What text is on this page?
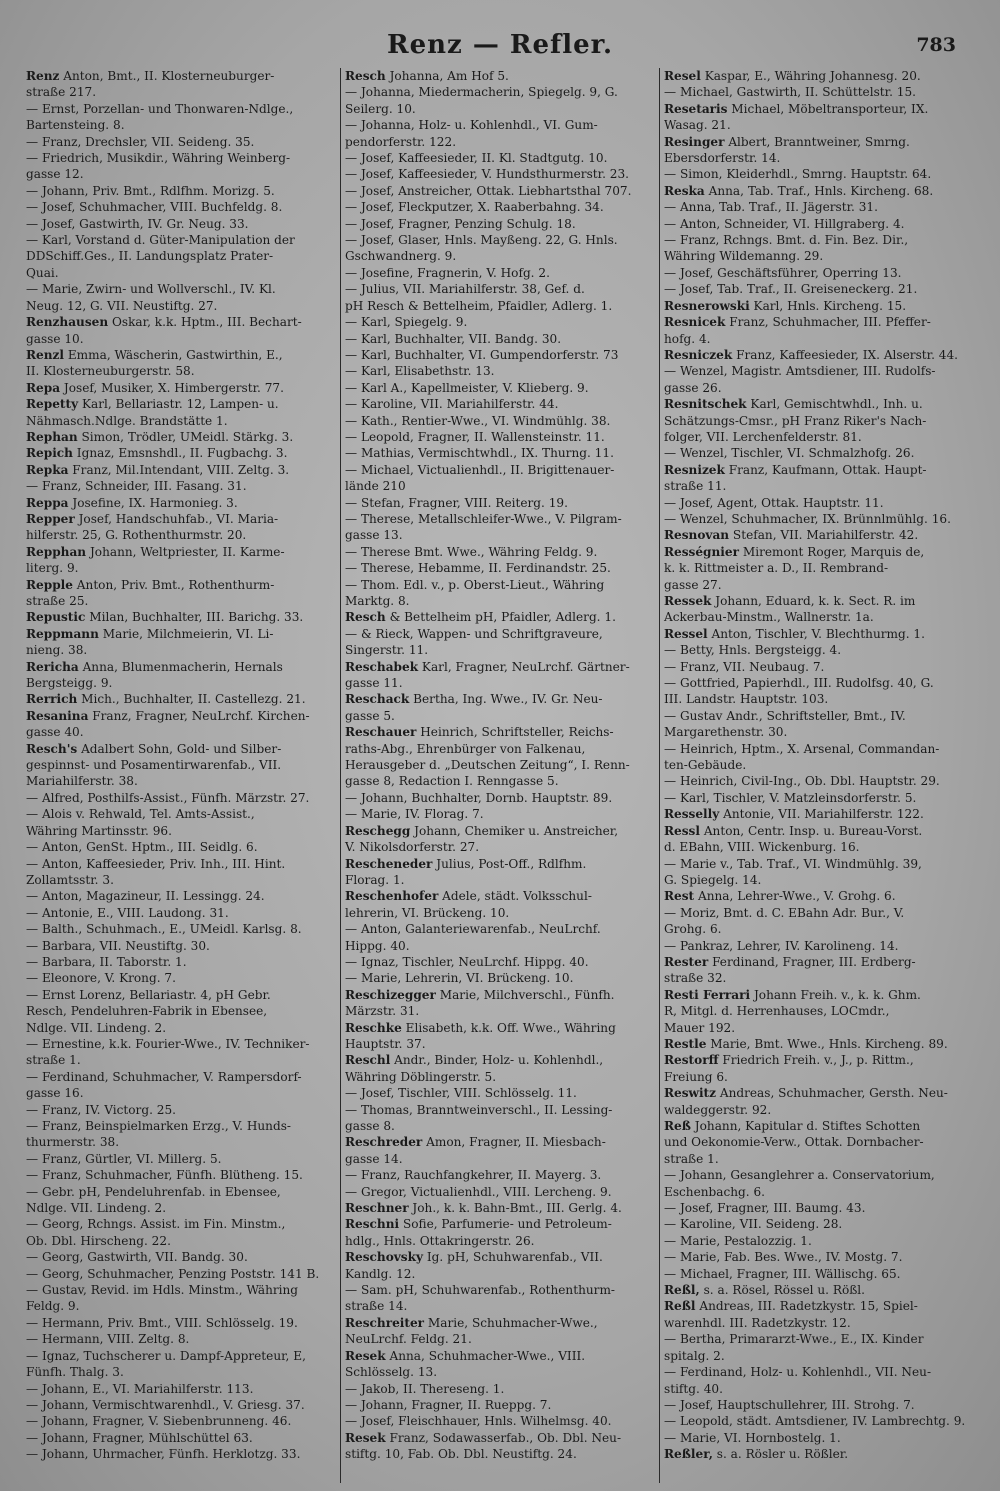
Renz — Refler.	783
Renz Anton, Bmt., II. Klosterneuburger-
straße 217.
— Ernst, Porzellan- und Thonwaren-Ndlge.,
Bartensteing. 8.
— Franz, Drechsler, VII. Seideng. 35.
— Friedrich, Musikdir., Währing Weinberg-
gasse 12.
— Johann, Priv. Bmt., Rdlfhm. Morizg. 5.
— Josef, Schuhmacher, VIII. Buchfeldg. 8.
— Josef, Gastwirth, IV. Gr. Neug. 33.
— Karl, Vorstand d. Güter-Manipulation der
DDSchiff.Ges., II. Landungsplatz Prater-
Quai.
— Marie, Zwirn- und Wollverschl., IV. Kl.
Neug. 12, G. VII. Neustiftg. 27.
Renzhausen Oskar, k.k. Hptm., III. Bechart-
gasse 10.
Renzl Emma, Wäscherin, Gastwirthin, E.,
II. Klosterneuburgerstr. 58.
Repa Josef, Musiker, X. Himbergerstr. 77.
Repetty Karl, Bellariastr. 12, Lampen- u.
Nähmasch.Ndlge. Brandstätte 1.
Rephan Simon, Trödler, UMeidl. Stärkg. 3.
Repich Ignaz, Emsnshdl., II. Fugbachg. 3.
Repka Franz, Mil.Intendant, VIII. Zeltg. 3.
— Franz, Schneider, III. Fasang. 31.
Reppa Josefine, IX. Harmonieg. 3.
Repper Josef, Handschuhfab., VI. Maria-
hilferstr. 25, G. Rothenthurmstr. 20.
Repphan Johann, Weltpriester, II. Karme-
literg. 9.
Repple Anton, Priv. Bmt., Rothenthurm-
straße 25.
Repustic Milan, Buchhalter, III. Barichg. 33.
Reppmann Marie, Milchmeierin, VI. Li-
nieng. 38.
Rericha Anna, Blumenmacherin, Hernals
Bergsteigg. 9.
Rerrich Mich., Buchhalter, II. Castellezg. 21.
Resanina Franz, Fragner, NeuLrchf. Kirchen-
gasse 40.
Resch's Adalbert Sohn, Gold- und Silber-
gespinnst- und Posamentirwarenfab., VII.
Mariahilferstr. 38.
— Alfred, Posthilfs-Assist., Fünfh. Märzstr. 27.
— Alois v. Rehwald, Tel. Amts-Assist.,
Währing Martinsstr. 96.
— Anton, GenSt. Hptm., III. Seidlg. 6.
— Anton, Kaffeesieder, Priv. Inh., III. Hint.
Zollamtsstr. 3.
— Anton, Magazineur, II. Lessingg. 24.
— Antonie, E., VIII. Laudong. 31.
— Balth., Schuhmach., E., UMeidl. Karlsg. 8.
— Barbara, VII. Neustiftg. 30.
— Barbara, II. Taborstr. 1.
— Eleonore, V. Krong. 7.
— Ernst Lorenz, Bellariastr. 4, pH Gebr.
Resch, Pendeluhren-Fabrik in Ebensee,
Ndlge. VII. Lindeng. 2.
— Ernestine, k.k. Fourier-Wwe., IV. Techniker-
straße 1.
— Ferdinand, Schuhmacher, V. Rampersdorf-
gasse 16.
— Franz, IV. Victorg. 25.
— Franz, Beinspielmarken Erzg., V. Hunds-
thurmerstr. 38.
— Franz, Gürtler, VI. Millerg. 5.
— Franz, Schuhmacher, Fünfh. Blütheng. 15.
— Gebr. pH, Pendeluhrenfab. in Ebensee,
Ndlge. VII. Lindeng. 2.
— Georg, Rchngs. Assist. im Fin. Minstm.,
Ob. Dbl. Hirscheng. 22.
— Georg, Gastwirth, VII. Bandg. 30.
— Georg, Schuhmacher, Penzing Poststr. 141 B.
— Gustav, Revid. im Hdls. Minstm., Währing
Feldg. 9.
— Hermann, Priv. Bmt., VIII. Schlösselg. 19.
— Hermann, VIII. Zeltg. 8.
— Ignaz, Tuchscherer u. Dampf-Appreteur, E,
Fünfh. Thalg. 3.
— Johann, E., VI. Mariahilferstr. 113.
— Johann, Vermischtwarenhdl., V. Griesg. 37.
— Johann, Fragner, V. Siebenbrunneng. 46.
— Johann, Fragner, Mühlschüttel 63.
— Johann, Uhrmacher, Fünfh. Herklotzg. 33.
Resch Johanna, Am Hof 5.
— Johanna, Miedermacherin, Spiegelg. 9, G.
Seilerg. 10.
— Johanna, Holz- u. Kohlenhdl., VI. Gum-
pendorferstr. 122.
— Josef, Kaffeesieder, II. Kl. Stadtgutg. 10.
— Josef, Kaffeesieder, V. Hundsthurmerstr. 23.
— Josef, Anstreicher, Ottak. Liebhartsthal 707.
— Josef, Fleckputzer, X. Raaberbahng. 34.
— Josef, Fragner, Penzing Schulg. 18.
— Josef, Glaser, Hnls. Mayßeng. 22, G. Hnls.
Gschwandnerg. 9.
— Josefine, Fragnerin, V. Hofg. 2.
— Julius, VII. Mariahilferstr. 38, Gef. d.
pH Resch & Bettelheim, Pfaidler, Adlerg. 1.
— Karl, Spiegelg. 9.
— Karl, Buchhalter, VII. Bandg. 30.
— Karl, Buchhalter, VI. Gumpendorferstr. 73
— Karl, Elisabethstr. 13.
— Karl A., Kapellmeister, V. Klieberg. 9.
— Karoline, VII. Mariahilferstr. 44.
— Kath., Rentier-Wwe., VI. Windmühlg. 38.
— Leopold, Fragner, II. Wallensteinstr. 11.
— Mathias, Vermischtwhdl., IX. Thurng. 11.
— Michael, Victualienhdl., II. Brigittenauer-
lände 210
— Stefan, Fragner, VIII. Reiterg. 19.
— Therese, Metallschleifer-Wwe., V. Pilgram-
gasse 13.
— Therese Bmt. Wwe., Währing Feldg. 9.
— Therese, Hebamme, II. Ferdinandstr. 25.
— Thom. Edl. v., p. Oberst-Lieut., Währing
Marktg. 8.
Resch & Bettelheim pH, Pfaidler, Adlerg. 1.
— & Rieck, Wappen- und Schriftgraveure,
Singerstr. 11.
Reschabek Karl, Fragner, NeuLrchf. Gärtner-
gasse 11.
Reschack Bertha, Ing. Wwe., IV. Gr. Neu-
gasse 5.
Reschauer Heinrich, Schriftsteller, Reichs-
raths-Abg., Ehrenbürger von Falkenau,
Herausgeber d. „Deutschen Zeitung“, I. Renn-
gasse 8, Redaction I. Renngasse 5.
— Johann, Buchhalter, Dornb. Hauptstr. 89.
— Marie, IV. Florag. 7.
Reschegg Johann, Chemiker u. Anstreicher,
V. Nikolsdorferstr. 27.
Rescheneder Julius, Post-Off., Rdlfhm.
Florag. 1.
Reschenhofer Adele, städt. Volksschul-
lehrerin, VI. Brückeng. 10.
— Anton, Galanteriewarenfab., NeuLrchf.
Hippg. 40.
— Ignaz, Tischler, NeuLrchf. Hippg. 40.
— Marie, Lehrerin, VI. Brückeng. 10.
Reschizegger Marie, Milchverschl., Fünfh.
Märzstr. 31.
Reschke Elisabeth, k.k. Off. Wwe., Währing
Hauptstr. 37.
Reschl Andr., Binder, Holz- u. Kohlenhdl.,
Währing Döblingerstr. 5.
— Josef, Tischler, VIII. Schlösselg. 11.
— Thomas, Branntweinverschl., II. Lessing-
gasse 8.
Reschreder Amon, Fragner, II. Miesbach-
gasse 14.
— Franz, Rauchfangkehrer, II. Mayerg. 3.
— Gregor, Victualienhdl., VIII. Lercheng. 9.
Reschner Joh., k. k. Bahn-Bmt., III. Gerlg. 4.
Reschni Sofie, Parfumerie- und Petroleum-
hdlg., Hnls. Ottakringerstr. 26.
Reschovsky Ig. pH, Schuhwarenfab., VII.
Kandlg. 12.
— Sam. pH, Schuhwarenfab., Rothenthurm-
straße 14.
Reschreiter Marie, Schuhmacher-Wwe.,
NeuLrchf. Feldg. 21.
Resek Anna, Schuhmacher-Wwe., VIII.
Schlösselg. 13.
— Jakob, II. Thereseng. 1.
— Johann, Fragner, II. Rueppg. 7.
— Josef, Fleischhauer, Hnls. Wilhelmsg. 40.
Resek Franz, Sodawasserfab., Ob. Dbl. Neu-
stiftg. 10, Fab. Ob. Dbl. Neustiftg. 24.
Resel Kaspar, E., Währing Johannesg. 20.
— Michael, Gastwirth, II. Schüttelstr. 15.
Resetaris Michael, Möbeltransporteur, IX.
Wasag. 21.
Resinger Albert, Branntweiner, Smrng.
Ebersdorferstr. 14.
— Simon, Kleiderhdl., Smrng. Hauptstr. 64.
Reska Anna, Tab. Traf., Hnls. Kircheng. 68.
— Anna, Tab. Traf., II. Jägerstr. 31.
— Anton, Schneider, VI. Hillgraberg. 4.
— Franz, Rchngs. Bmt. d. Fin. Bez. Dir.,
Währing Wildemanng. 29.
— Josef, Geschäftsführer, Operring 13.
— Josef, Tab. Traf., II. Greiseneckerg. 21.
Resnerowski Karl, Hnls. Kircheng. 15.
Resnicek Franz, Schuhmacher, III. Pfeffer-
hofg. 4.
Resniczek Franz, Kaffeesieder, IX. Alserstr. 44.
— Wenzel, Magistr. Amtsdiener, III. Rudolfs-
gasse 26.
Resnitschek Karl, Gemischtwhdl., Inh. u.
Schätzungs-Cmsr., pH Franz Riker's Nach-
folger, VII. Lerchenfelderstr. 81.
— Wenzel, Tischler, VI. Schmalzhofg. 26.
Resnizek Franz, Kaufmann, Ottak. Haupt-
straße 11.
— Josef, Agent, Ottak. Hauptstr. 11.
— Wenzel, Schuhmacher, IX. Brünnlmühlg. 16.
Resnovan Stefan, VII. Mariahilferstr. 42.
Rességnier Miremont Roger, Marquis de,
k. k. Rittmeister a. D., II. Rembrand-
gasse 27.
Ressek Johann, Eduard, k. k. Sect. R. im
Ackerbau-Minstm., Wallnerstr. 1a.
Ressel Anton, Tischler, V. Blechthurmg. 1.
— Betty, Hnls. Bergsteigg. 4.
— Franz, VII. Neubaug. 7.
— Gottfried, Papierhdl., III. Rudolfsg. 40, G.
III. Landstr. Hauptstr. 103.
— Gustav Andr., Schriftsteller, Bmt., IV.
Margarethenstr. 30.
— Heinrich, Hptm., X. Arsenal, Commandan-
ten-Gebäude.
— Heinrich, Civil-Ing., Ob. Dbl. Hauptstr. 29.
— Karl, Tischler, V. Matzleinsdorferstr. 5.
Resselly Antonie, VII. Mariahilferstr. 122.
Ressl Anton, Centr. Insp. u. Bureau-Vorst.
d. EBahn, VIII. Wickenburg. 16.
— Marie v., Tab. Traf., VI. Windmühlg. 39,
G. Spiegelg. 14.
Rest Anna, Lehrer-Wwe., V. Grohg. 6.
— Moriz, Bmt. d. C. EBahn Adr. Bur., V.
Grohg. 6.
— Pankraz, Lehrer, IV. Karolineng. 14.
Rester Ferdinand, Fragner, III. Erdberg-
straße 32.
Resti Ferrari Johann Freih. v., k. k. Ghm.
R, Mitgl. d. Herrenhauses, LOCmdr.,
Mauer 192.
Restle Marie, Bmt. Wwe., Hnls. Kircheng. 89.
Restorff Friedrich Freih. v., J., p. Rittm.,
Freiung 6.
Reswitz Andreas, Schuhmacher, Gersth. Neu-
waldeggerstr. 92.
Reß Johann, Kapitular d. Stiftes Schotten
und Oekonomie-Verw., Ottak. Dornbacher-
straße 1.
— Johann, Gesanglehrer a. Conservatorium,
Eschenbachg. 6.
— Josef, Fragner, III. Baumg. 43.
— Karoline, VII. Seideng. 28.
— Marie, Pestalozzig. 1.
— Marie, Fab. Bes. Wwe., IV. Mostg. 7.
— Michael, Fragner, III. Wällischg. 65.
Reßl, s. a. Rösel, Rössel u. Rößl.
Reßl Andreas, III. Radetzkystr. 15, Spiel-
warenhdl. III. Radetzkystr. 12.
— Bertha, Primararzt-Wwe., E., IX. Kinder
spitalg. 2.
— Ferdinand, Holz- u. Kohlenhdl., VII. Neu-
stiftg. 40.
— Josef, Hauptschullehrer, III. Strohg. 7.
— Leopold, städt. Amtsdiener, IV. Lambrechtg. 9.
— Marie, VI. Hornbostelg. 1.
Reßler, s. a. Rösler u. Rößler.
